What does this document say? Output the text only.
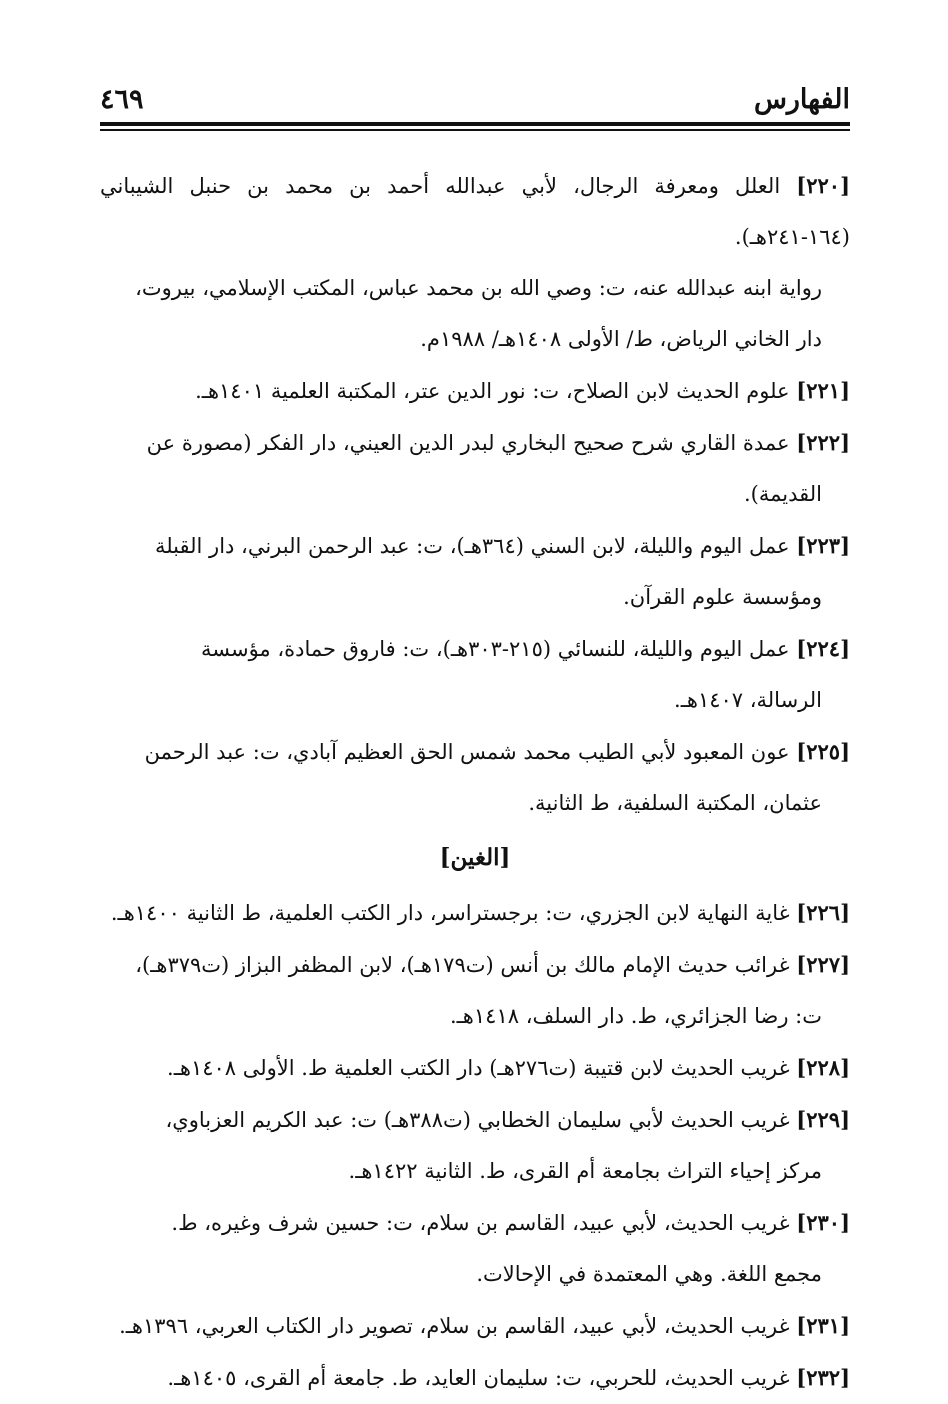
الفهارس
٤٦٩
[٢٢٠] العلل ومعرفة الرجال، لأبي عبدالله أحمد بن محمد بن حنبل الشيباني (١٦٤-٢٤١هـ).
رواية ابنه عبدالله عنه، ت: وصي الله بن محمد عباس، المكتب الإسلامي، بيروت،
دار الخاني الرياض، ط/ الأولى ١٤٠٨هـ/ ١٩٨٨م.
[٢٢١] علوم الحديث لابن الصلاح، ت: نور الدين عتر، المكتبة العلمية ١٤٠١هـ.
[٢٢٢] عمدة القاري شرح صحيح البخاري لبدر الدين العيني، دار الفكر (مصورة عن
القديمة).
[٢٢٣] عمل اليوم والليلة، لابن السني (٣٦٤هـ)، ت: عبد الرحمن البرني، دار القبلة
ومؤسسة علوم القرآن.
[٢٢٤] عمل اليوم والليلة، للنسائي (٢١٥-٣٠٣هـ)، ت: فاروق حمادة، مؤسسة
الرسالة، ١٤٠٧هـ.
[٢٢٥] عون المعبود لأبي الطيب محمد شمس الحق العظيم آبادي، ت: عبد الرحمن
عثمان، المكتبة السلفية، ط الثانية.
[الغين]
[٢٢٦] غاية النهاية لابن الجزري، ت: برجستراسر، دار الكتب العلمية، ط الثانية ١٤٠٠هـ.
[٢٢٧] غرائب حديث الإمام مالك بن أنس (ت١٧٩هـ)، لابن المظفر البزاز (ت٣٧٩هـ)،
ت: رضا الجزائري، ط. دار السلف، ١٤١٨هـ.
[٢٢٨] غريب الحديث لابن قتيبة (ت٢٧٦هـ) دار الكتب العلمية ط. الأولى ١٤٠٨هـ.
[٢٢٩] غريب الحديث لأبي سليمان الخطابي (ت٣٨٨هـ) ت: عبد الكريم العزباوي،
مركز إحياء التراث بجامعة أم القرى، ط. الثانية ١٤٢٢هـ.
[٢٣٠] غريب الحديث، لأبي عبيد، القاسم بن سلام، ت: حسين شرف وغيره، ط.
مجمع اللغة. وهي المعتمدة في الإحالات.
[٢٣١] غريب الحديث، لأبي عبيد، القاسم بن سلام، تصوير دار الكتاب العربي، ١٣٩٦هـ.
[٢٣٢] غريب الحديث، للحربي، ت: سليمان العايد، ط. جامعة أم القرى، ١٤٠٥هـ.
